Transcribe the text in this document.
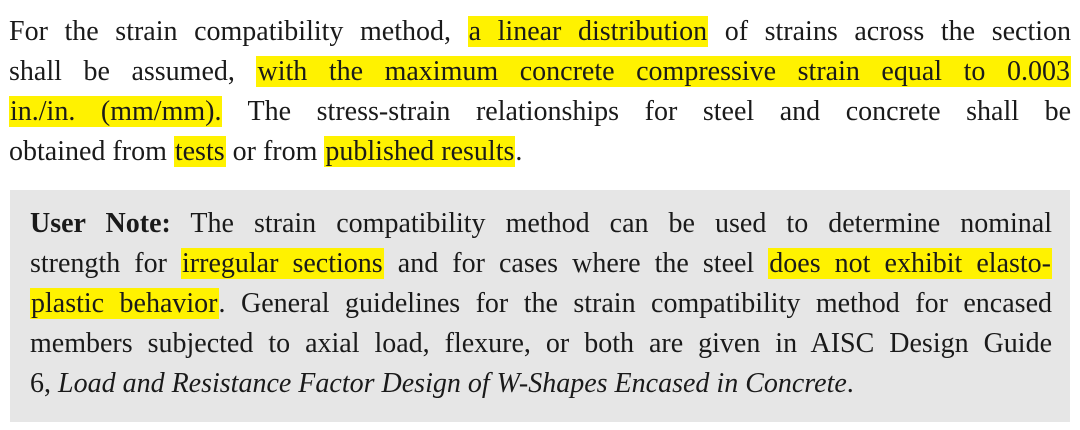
For the strain compatibility method, a linear distribution of strains across the section
shall be assumed, with the maximum concrete compressive strain equal to 0.003
in./in. (mm/mm). The stress-strain relationships for steel and concrete shall be
obtained from tests or from published results.
User Note: The strain compatibility method can be used to determine nominal
strength for irregular sections and for cases where the steel does not exhibit elasto-
plastic behavior. General guidelines for the strain compatibility method for encased
members subjected to axial load, flexure, or both are given in AISC Design Guide
6, Load and Resistance Factor Design of W-Shapes Encased in Concrete.
